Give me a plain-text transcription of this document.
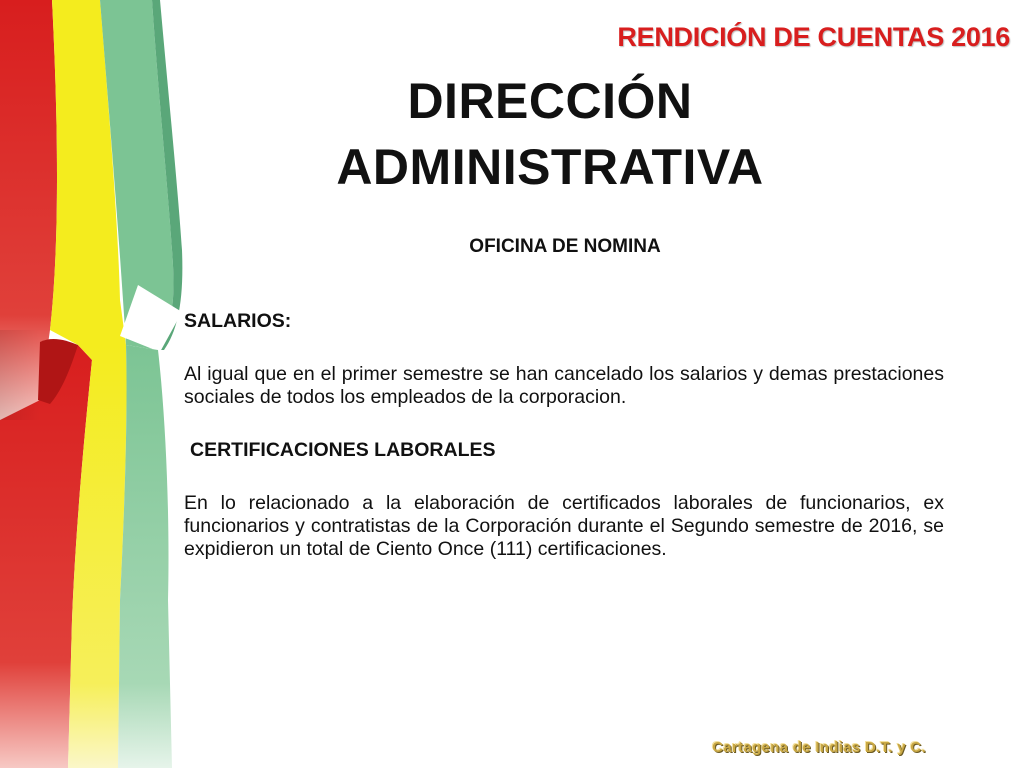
RENDICIÓN DE CUENTAS 2016
DIRECCIÓN
ADMINISTRATIVA
OFICINA DE NOMINA

SALARIOS:

Al igual que en el primer semestre se han cancelado los salarios y demas prestaciones sociales de todos los empleados de la corporacion.

CERTIFICACIONES LABORALES

En lo relacionado a la elaboración de certificados laborales de funcionarios, ex funcionarios y contratistas de la Corporación durante el Segundo semestre de 2016, se expidieron un total de Ciento Once (111) certificaciones.

Cartagena de Indias D.T. y C.
